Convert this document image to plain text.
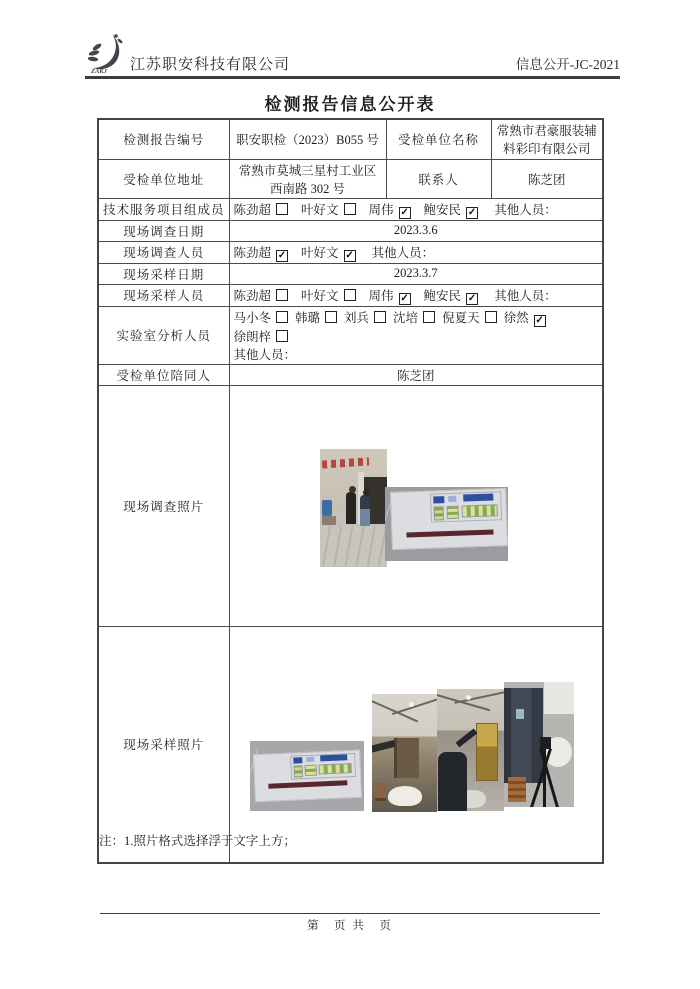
ZAKJ 江苏职安科技有限公司	信息公开-JC-2021
检测报告信息公开表
检测报告编号	职安职检（2023）B055 号	受检单位名称	常熟市君豪服装辅料彩印有限公司
受检单位地址	常熟市莫城三星村工业区西南路 302 号	联系人	陈芝团
技术服务项目组成员	陈劲超 叶好文 周伟 ✓ 鲍安民 ✓ 其他人员：		
现场调查日期	2023.3.6		
现场调查人员	陈劲超 ✓ 叶好文 ✓ 其他人员：		
现场采样日期	2023.3.7		
现场采样人员	陈劲超 叶好文 周伟 ✓ 鲍安民 ✓ 其他人员：		
实验室分析人员	马小冬 韩璐 刘兵 沈培 倪夏天 徐然 ✓徐朗梓
其他人员：		

受检单位陪同人	陈芝团		
现场调查照片			

现场采样照片			
注：1.照片格式选择浮于文字上方；
第　页 共　页
